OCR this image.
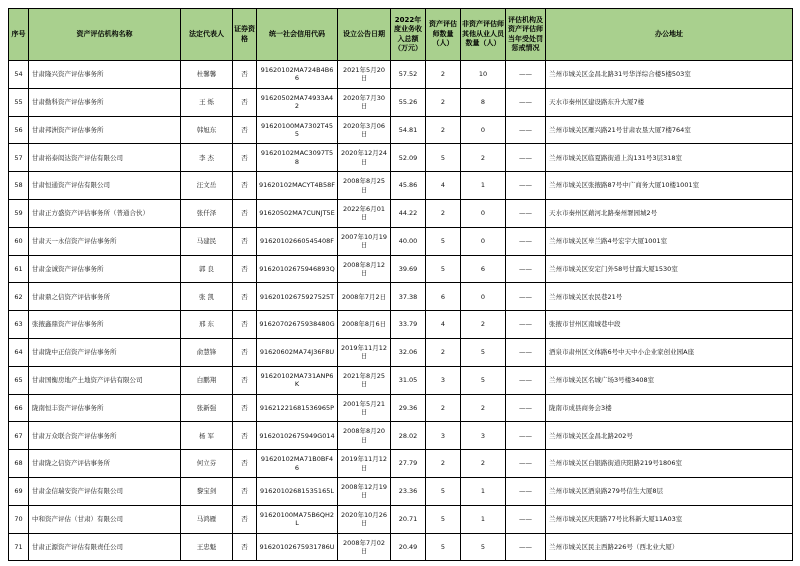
序号	资产评估机构名称	法定代表人	证券资格	统一社会信用代码	设立公告日期	2022年度业务收入总额（万元）	资产评估师数量（人）	非资产评估师其他从业人员数量（人）	评估机构及资产评估师当年受处罚惩戒情况	办公地址
54	甘肃隆兴资产评估事务所	杜馨馨	否	91620102MA724B4B66	2021年5月20日	57.52	2	10	——	兰州市城关区金昌北路31号华洋综合楼5楼503室
55	甘肃勤科资产评估事务所	王 烁	否	91620502MA74933A42	2020年7月30日	55.26	2	8	——	天水市秦州区建设路东升大厦7楼
56	甘肃邦洲资产评估事务所	韩旭东	否	91620100MA7302T455	2020年3月06日	54.81	2	0	——	兰州市城关区雁兴路21号甘肃农垦大厦7楼764室
57	甘肃裕泰闳达资产评估有限公司	李 杰	否	91620102MAC3097T58	2020年12月24日	52.09	5	2	——	兰州市城关区临夏路街道上沟131号3层318室
58	甘肃恒通资产评估有限公司	汪文岳	否	91620102MACYT4B58F	2008年8月25日	45.86	4	1	——	兰州市城关区张掖路87号中广商务大厦10楼1001室
59	甘肃正方盛资产评估事务所（普通合伙）	张仟泽	否	91620502MA7CUNJT5E	2022年6月01日	44.22	2	0	——	天水市秦州区藉河北路秦州署园城2号
60	甘肃天一永信资产评估事务所	马建民	否	91620102660545408F	2007年10月19日	40.00	5	0	——	兰州市城关区皋兰路4号宏宇大厦1001室
61	甘肃金诚资产评估事务所	郭 良	否	91620102675946893Q	2008年8月12日	39.69	5	6	——	兰州市城关区安定门外58号甘露大厦1530室
62	甘肃鼎之信资产评估事务所	张 凯	否	91620102675927525T	2008年7月2日	37.38	6	0	——	兰州市城关区农民巷21号
63	张掖鑫鼎资产评估事务所	邢 东	否	91620702675938480G	2008年8月6日	33.79	4	2	——	张掖市甘州区南城巷中段
64	甘肃陇中正信资产评估事务所	俞慧锋	否	91620602MA74J36F8U	2019年11月12日	32.06	2	5	——	酒泉市肃州区文体路6号中天中小企业家创业园A座
65	甘肃国衡房地产土地资产评估有限公司	白鹏翔	否	91620102MA731ANP6K	2021年8月25日	31.05	3	5	——	兰州市城关区名城广场3号楼3408室
66	陇南恒丰资产评估事务所	张新强	否	91621221681536965P	2001年5月21日	29.36	2	2	——	陇南市成县商务会3楼
67	甘肃万众联合资产评估事务所	杨 军	否	91620102675949G014	2008年8月20日	28.02	3	3	——	兰州市城关区金昌北路202号
68	甘肃陇之信资产评估事务所	何立芬	否	91620102MA71B0BF46	2019年11月12日	27.79	2	2	——	兰州市城关区白银路街道庆阳路219号1806室
69	甘肃金信瑞安资产评估有限公司	黎宝剑	否	91620102681535165L	2008年12月19日	23.36	5	1	——	兰州市城关区酒泉路279号信生大厦8层
70	中和资产评估（甘肃）有限公司	马鸿雁	否	91620100MA75B6QH2L	2020年10月26日	20.71	5	1	——	兰州市城关区庆阳路77号比科新大厦11A03室
71	甘肃正源资产评估有限责任公司	王忠魁	否	91620102675931786U	2008年7月02日	20.49	5	5	——	兰州市城关区民主西路226号（西北业大厦）
